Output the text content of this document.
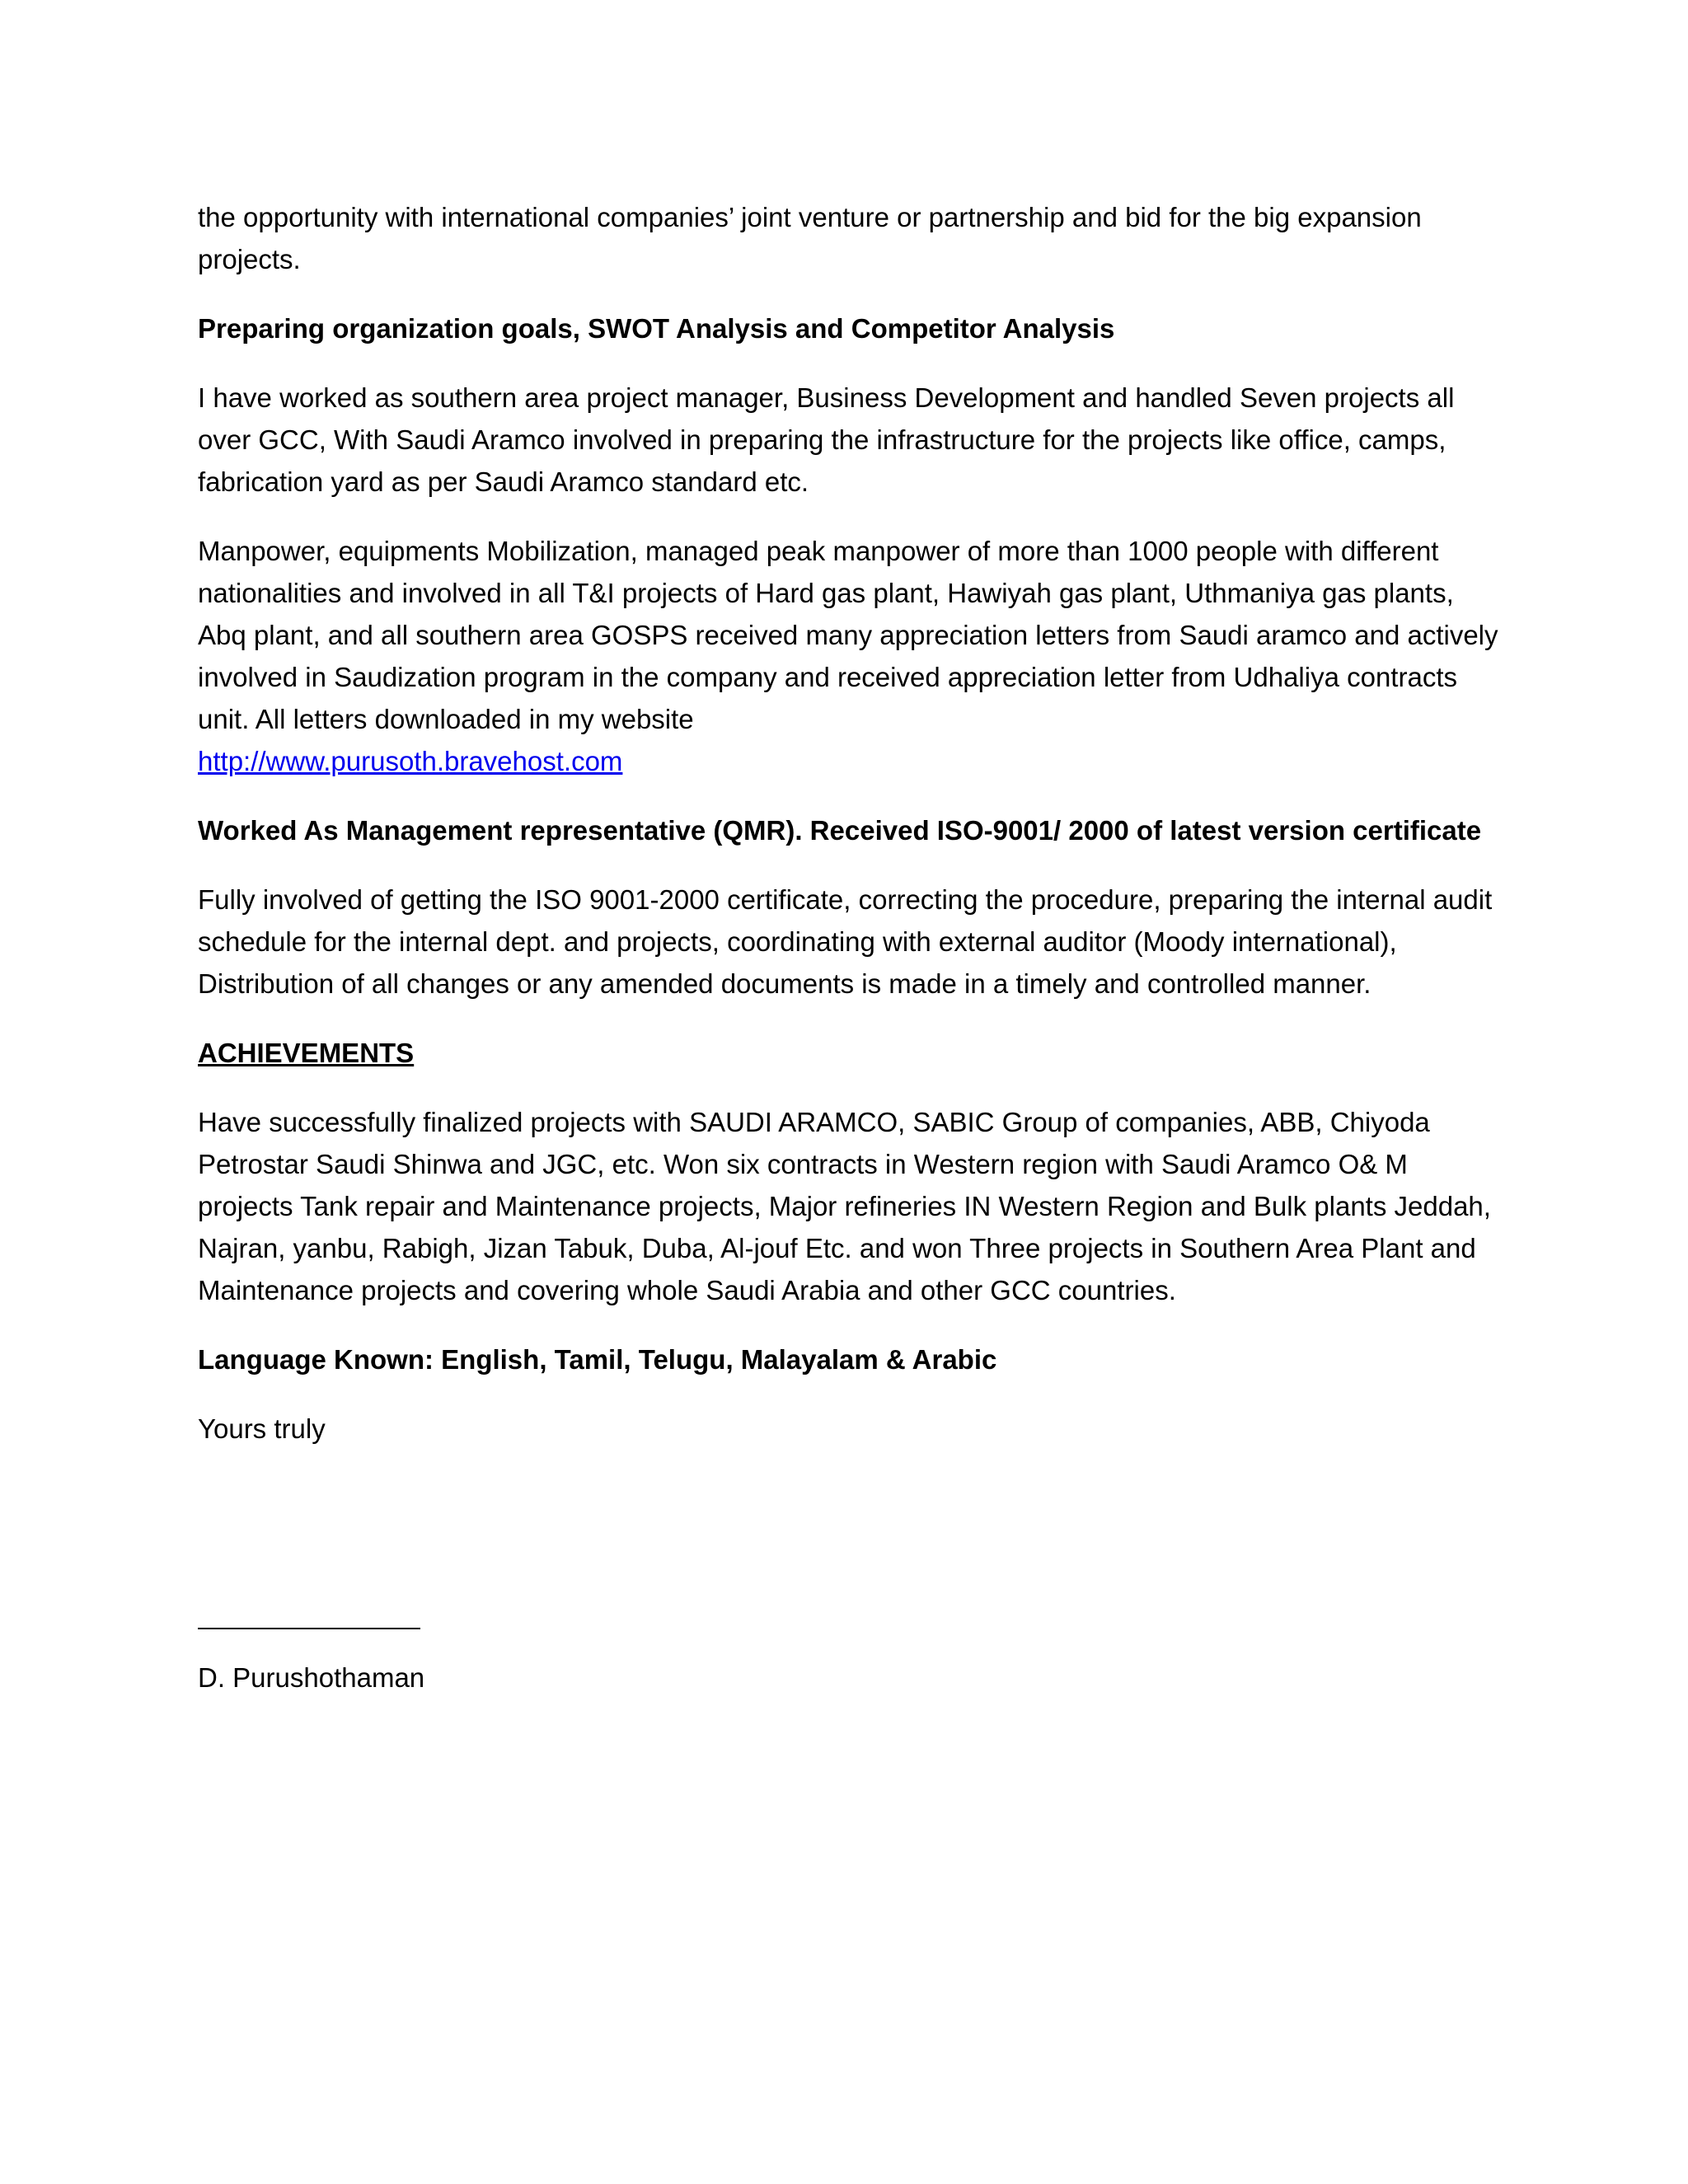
the opportunity with international companies’ joint venture or partnership and bid for the big expansion projects.

Preparing organization goals, SWOT Analysis and Competitor Analysis

I have worked as southern area project manager, Business Development and handled Seven projects all over GCC, With Saudi Aramco involved in preparing the infrastructure for the projects like office, camps, fabrication yard as per Saudi Aramco standard etc.

Manpower, equipments Mobilization, managed peak manpower of more than 1000 people with different nationalities and involved in all T&I projects of Hard gas plant, Hawiyah gas plant, Uthmaniya gas plants, Abq plant, and all southern area GOSPS received many appreciation letters from Saudi aramco and actively involved in Saudization program in the company and received appreciation letter from Udhaliya contracts unit. All letters downloaded in my website
http://www.purusoth.bravehost.com

Worked As Management representative (QMR). Received ISO-9001/ 2000 of latest version certificate

Fully involved of getting the ISO 9001-2000 certificate, correcting the procedure, preparing the internal audit schedule for the internal dept. and projects, coordinating with external auditor (Moody international), Distribution of all changes or any amended documents is made in a timely and controlled manner.

ACHIEVEMENTS

Have successfully finalized projects with SAUDI ARAMCO, SABIC Group of companies, ABB, Chiyoda Petrostar Saudi Shinwa and JGC, etc. Won six contracts in Western region with Saudi Aramco O& M projects Tank repair and Maintenance projects, Major refineries IN Western Region and Bulk plants Jeddah, Najran, yanbu, Rabigh, Jizan Tabuk, Duba, Al-jouf Etc. and won Three projects in Southern Area Plant and Maintenance projects and covering whole Saudi Arabia and other GCC countries.

Language Known: English, Tamil, Telugu, Malayalam & Arabic

Yours truly

D. Purushothaman
